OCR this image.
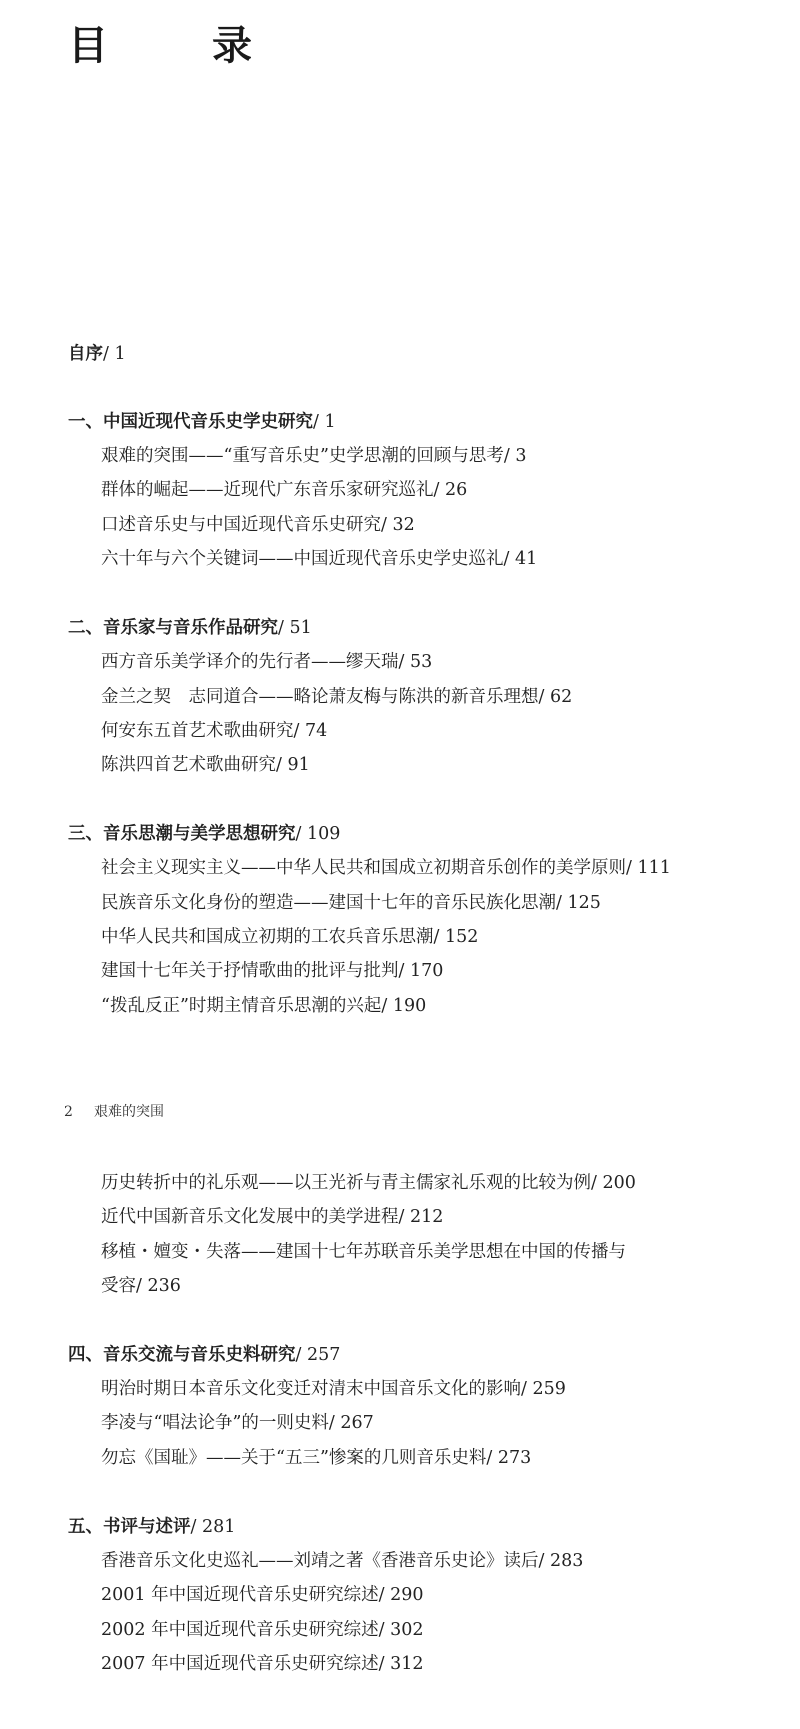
目　录
自序/ 1
一、中国近现代音乐史学史研究/ 1
艰难的突围——“重写音乐史”史学思潮的回顾与思考/ 3
群体的崛起——近现代广东音乐家研究巡礼/ 26
口述音乐史与中国近现代音乐史研究/ 32
六十年与六个关键词——中国近现代音乐史学史巡礼/ 41
二、音乐家与音乐作品研究/ 51
西方音乐美学译介的先行者——缪天瑞/ 53
金兰之契　志同道合——略论萧友梅与陈洪的新音乐理想/ 62
何安东五首艺术歌曲研究/ 74
陈洪四首艺术歌曲研究/ 91
三、音乐思潮与美学思想研究/ 109
社会主义现实主义——中华人民共和国成立初期音乐创作的美学原则/ 111
民族音乐文化身份的塑造——建国十七年的音乐民族化思潮/ 125
中华人民共和国成立初期的工农兵音乐思潮/ 152
建国十七年关于抒情歌曲的批评与批判/ 170
“拨乱反正”时期主情音乐思潮的兴起/ 190
2 艰难的突围
历史转折中的礼乐观——以王光祈与青主儒家礼乐观的比较为例/ 200
近代中国新音乐文化发展中的美学进程/ 212
移植・嬗变・失落——建国十七年苏联音乐美学思想在中国的传播与
受容/ 236
四、音乐交流与音乐史料研究/ 257
明治时期日本音乐文化变迁对清末中国音乐文化的影响/ 259
李凌与“唱法论争”的一则史料/ 267
勿忘《国耻》——关于“五三”惨案的几则音乐史料/ 273
五、书评与述评/ 281
香港音乐文化史巡礼——刘靖之著《香港音乐史论》读后/ 283
2001 年中国近现代音乐史研究综述/ 290
2002 年中国近现代音乐史研究综述/ 302
2007 年中国近现代音乐史研究综述/ 312
